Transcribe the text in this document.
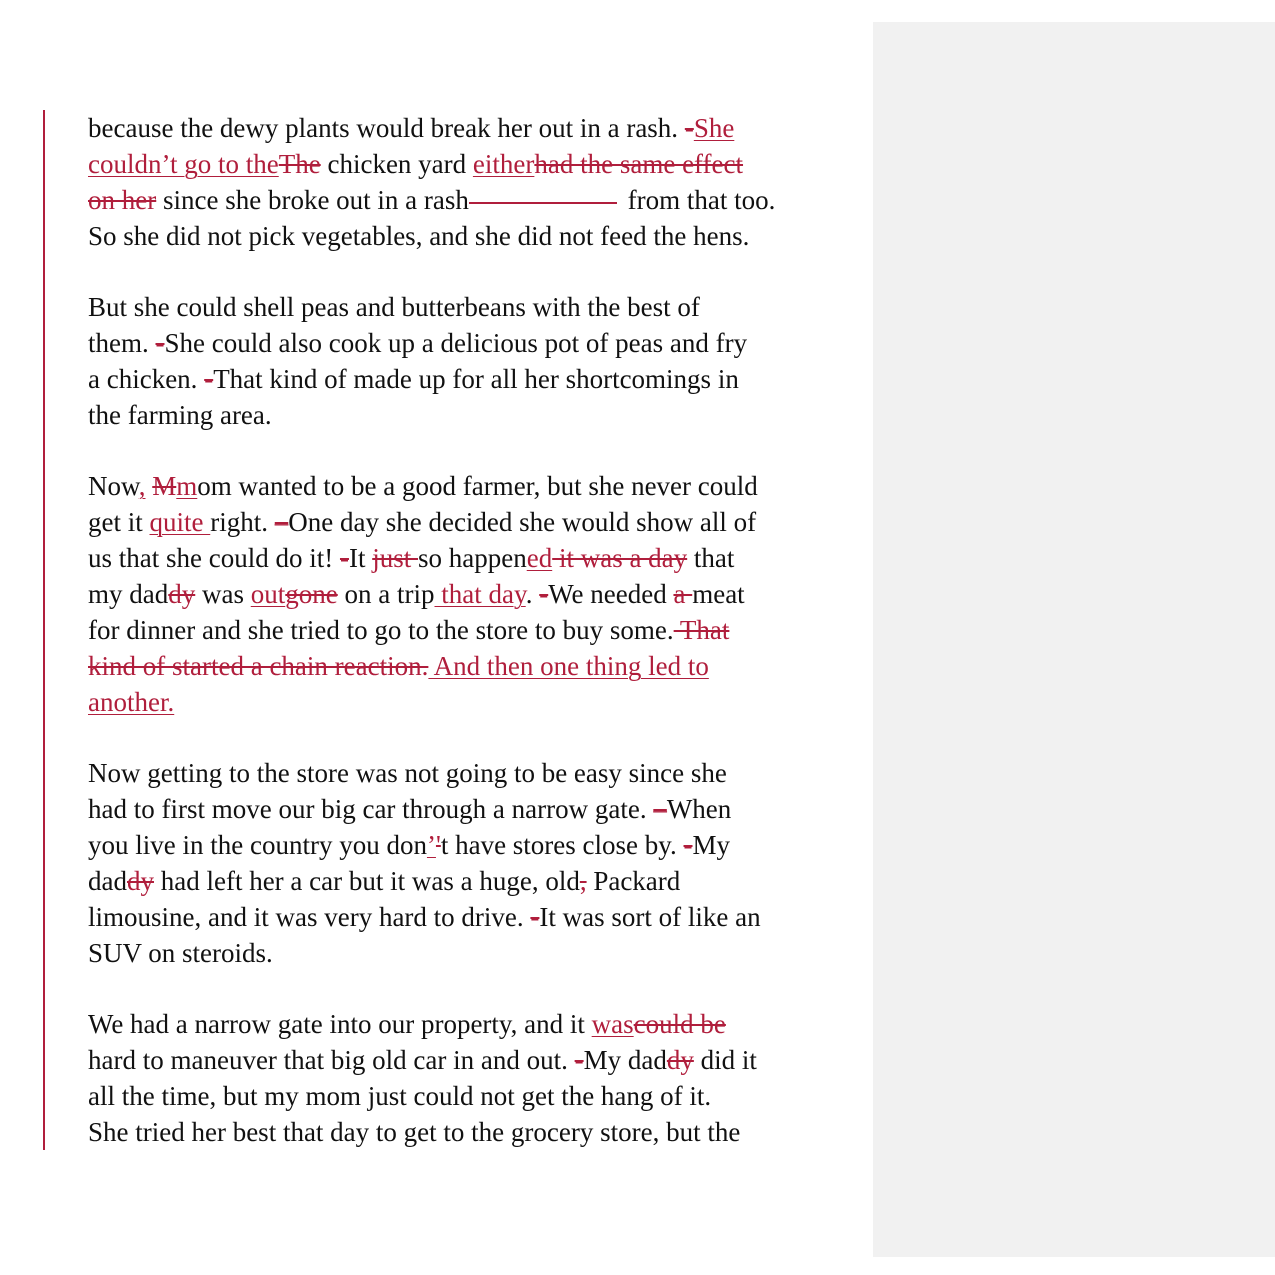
because the dewy plants would break her out in a rash. -She
couldn’t go to theThe chicken yard eitherhad the same effect
on her since she broke out in a rash	from that too.
So she did not pick vegetables, and she did not feed the hens.
But she could shell peas and butterbeans with the best of
them. -She could also cook up a delicious pot of peas and fry
a chicken. -That kind of made up for all her shortcomings in
the farming area.
Now, Mmom wanted to be a good farmer, but she never could
get it quite right. –One day she decided she would show all of
us that she could do it! -It just so happened it was a day that
my daddy was outgone on a trip that day. -We needed a meat
for dinner and she tried to go to the store to buy some. That
kind of started a chain reaction. And then one thing led to
another.
Now getting to the store was not going to be easy since she
had to first move our big car through a narrow gate. –When
you live in the country you don’'t have stores close by. -My
daddy had left her a car but it was a huge, old, Packard
limousine, and it was very hard to drive. -It was sort of like an
SUV on steroids.
We had a narrow gate into our property, and it wascould be
hard to maneuver that big old car in and out. -My daddy did it
all the time, but my mom just could not get the hang of it.
She tried her best that day to get to the grocery store, but the
